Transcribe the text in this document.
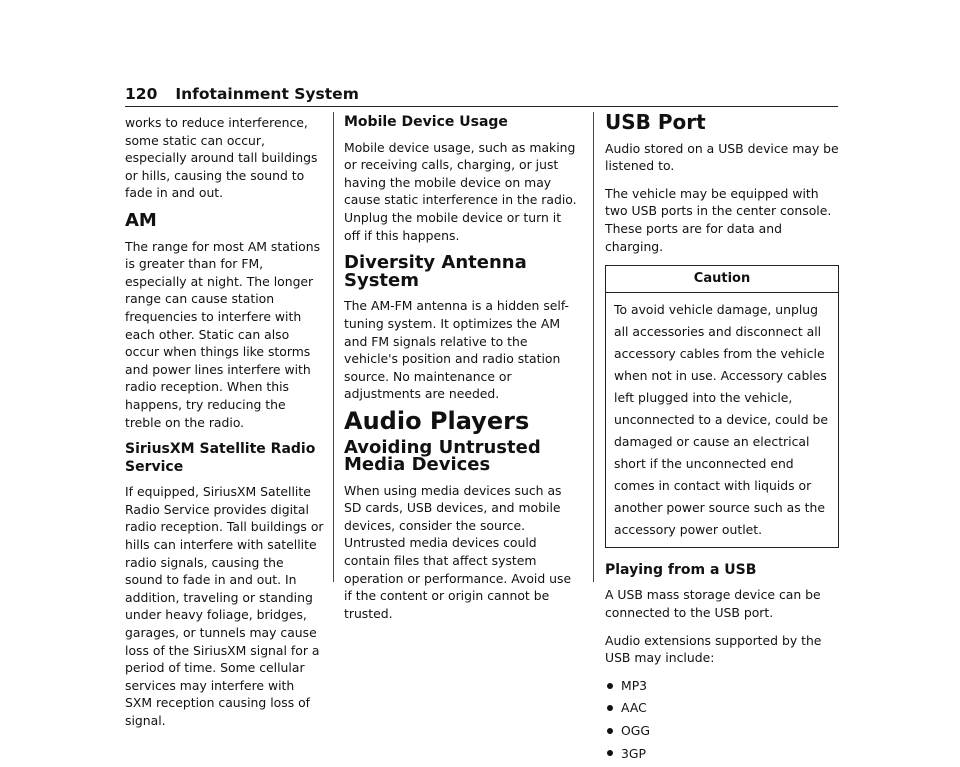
120 Infotainment System

works to reduce interference, some static can occur, especially around tall buildings or hills, causing the sound to fade in and out.

AM

The range for most AM stations is greater than for FM, especially at night. The longer range can cause station frequencies to interfere with each other. Static can also occur when things like storms and power lines interfere with radio reception. When this happens, try reducing the treble on the radio.

SiriusXM Satellite Radio Service

If equipped, SiriusXM Satellite Radio Service provides digital radio reception. Tall buildings or hills can interfere with satellite radio signals, causing the sound to fade in and out. In addition, traveling or standing under heavy foliage, bridges, garages, or tunnels may cause loss of the SiriusXM signal for a period of time. Some cellular services may interfere with SXM reception causing loss of signal.

Mobile Device Usage

Mobile device usage, such as making or receiving calls, charging, or just having the mobile device on may cause static interference in the radio. Unplug the mobile device or turn it off if this happens.

Diversity Antenna System

The AM-FM antenna is a hidden self-tuning system. It optimizes the AM and FM signals relative to the vehicle's position and radio station source. No maintenance or adjustments are needed.

Audio Players
Avoiding Untrusted Media Devices

When using media devices such as SD cards, USB devices, and mobile devices, consider the source. Untrusted media devices could contain files that affect system operation or performance. Avoid use if the content or origin cannot be trusted.

USB Port

Audio stored on a USB device may be listened to.

The vehicle may be equipped with two USB ports in the center console. These ports are for data and charging.

Caution
To avoid vehicle damage, unplug all accessories and disconnect all accessory cables from the vehicle when not in use. Accessory cables left plugged into the vehicle, unconnected to a device, could be damaged or cause an electrical short if the unconnected end comes in contact with liquids or another power source such as the accessory power outlet.
Playing from a USB

A USB mass storage device can be connected to the USB port.

Audio extensions supported by the USB may include:

MP3
AAC
OGG
3GP
